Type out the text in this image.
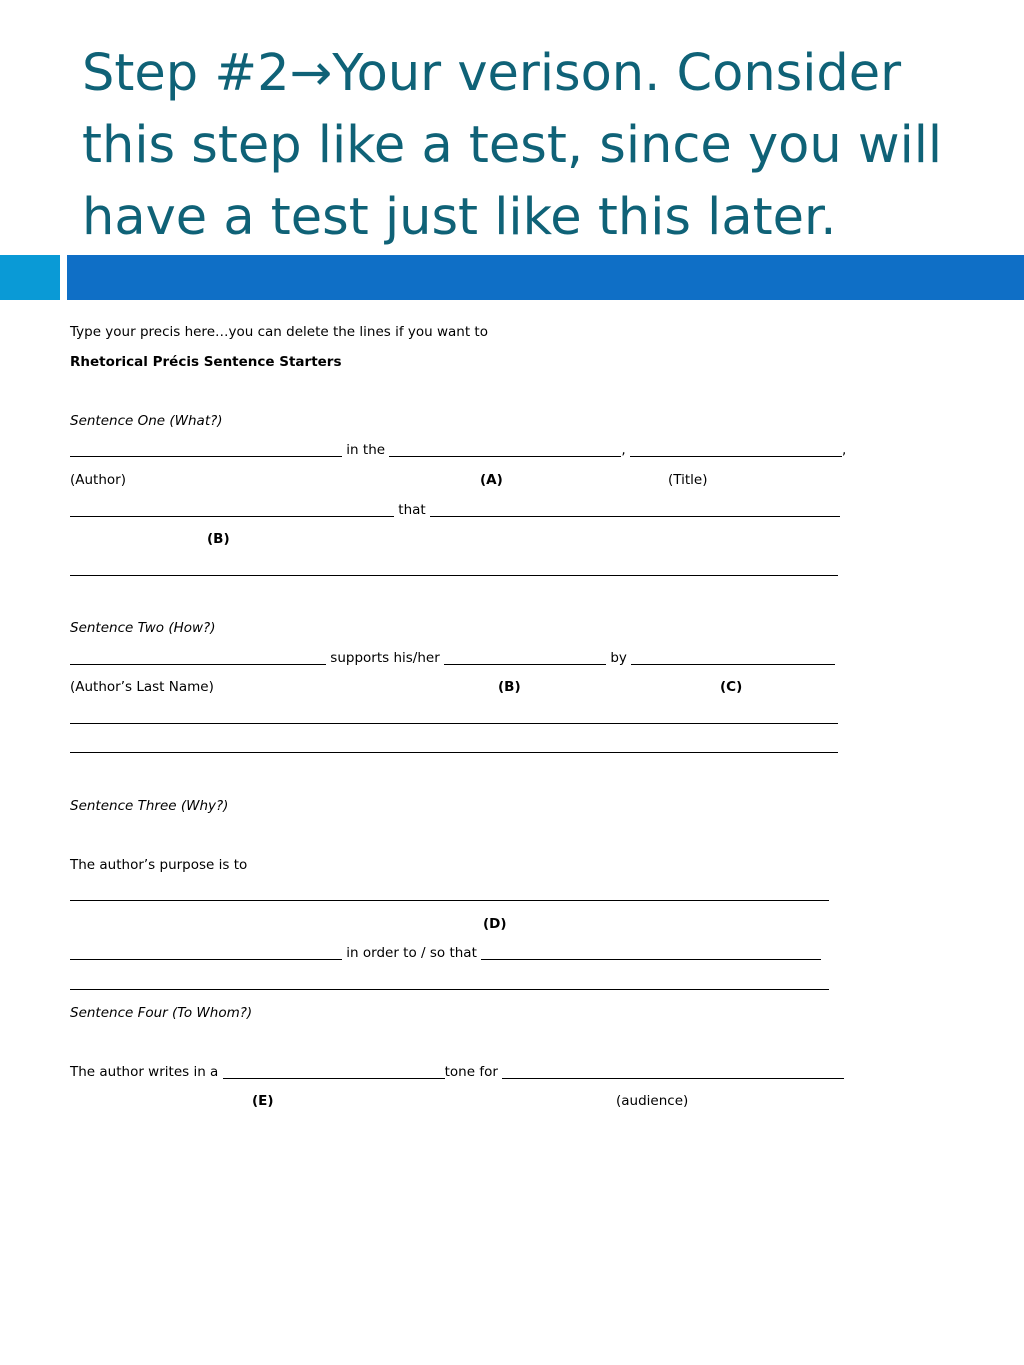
Step #2→Your verison. Consider this step like a test, since you will have a test just like this later.
Type your precis here…you can delete the lines if you want to
Rhetorical Précis Sentence Starters
Sentence One (What?)
in the	,	,
(Author)	(A)	(Title)
that
(B)
Sentence Two (How?)
supports his/her	by
(Author’s Last Name)	(B)	(C)
Sentence Three (Why?)
The author’s purpose is to
(D)
in order to / so that
Sentence Four (To Whom?)
The author writes in a	tone for
(E)	(audience)
